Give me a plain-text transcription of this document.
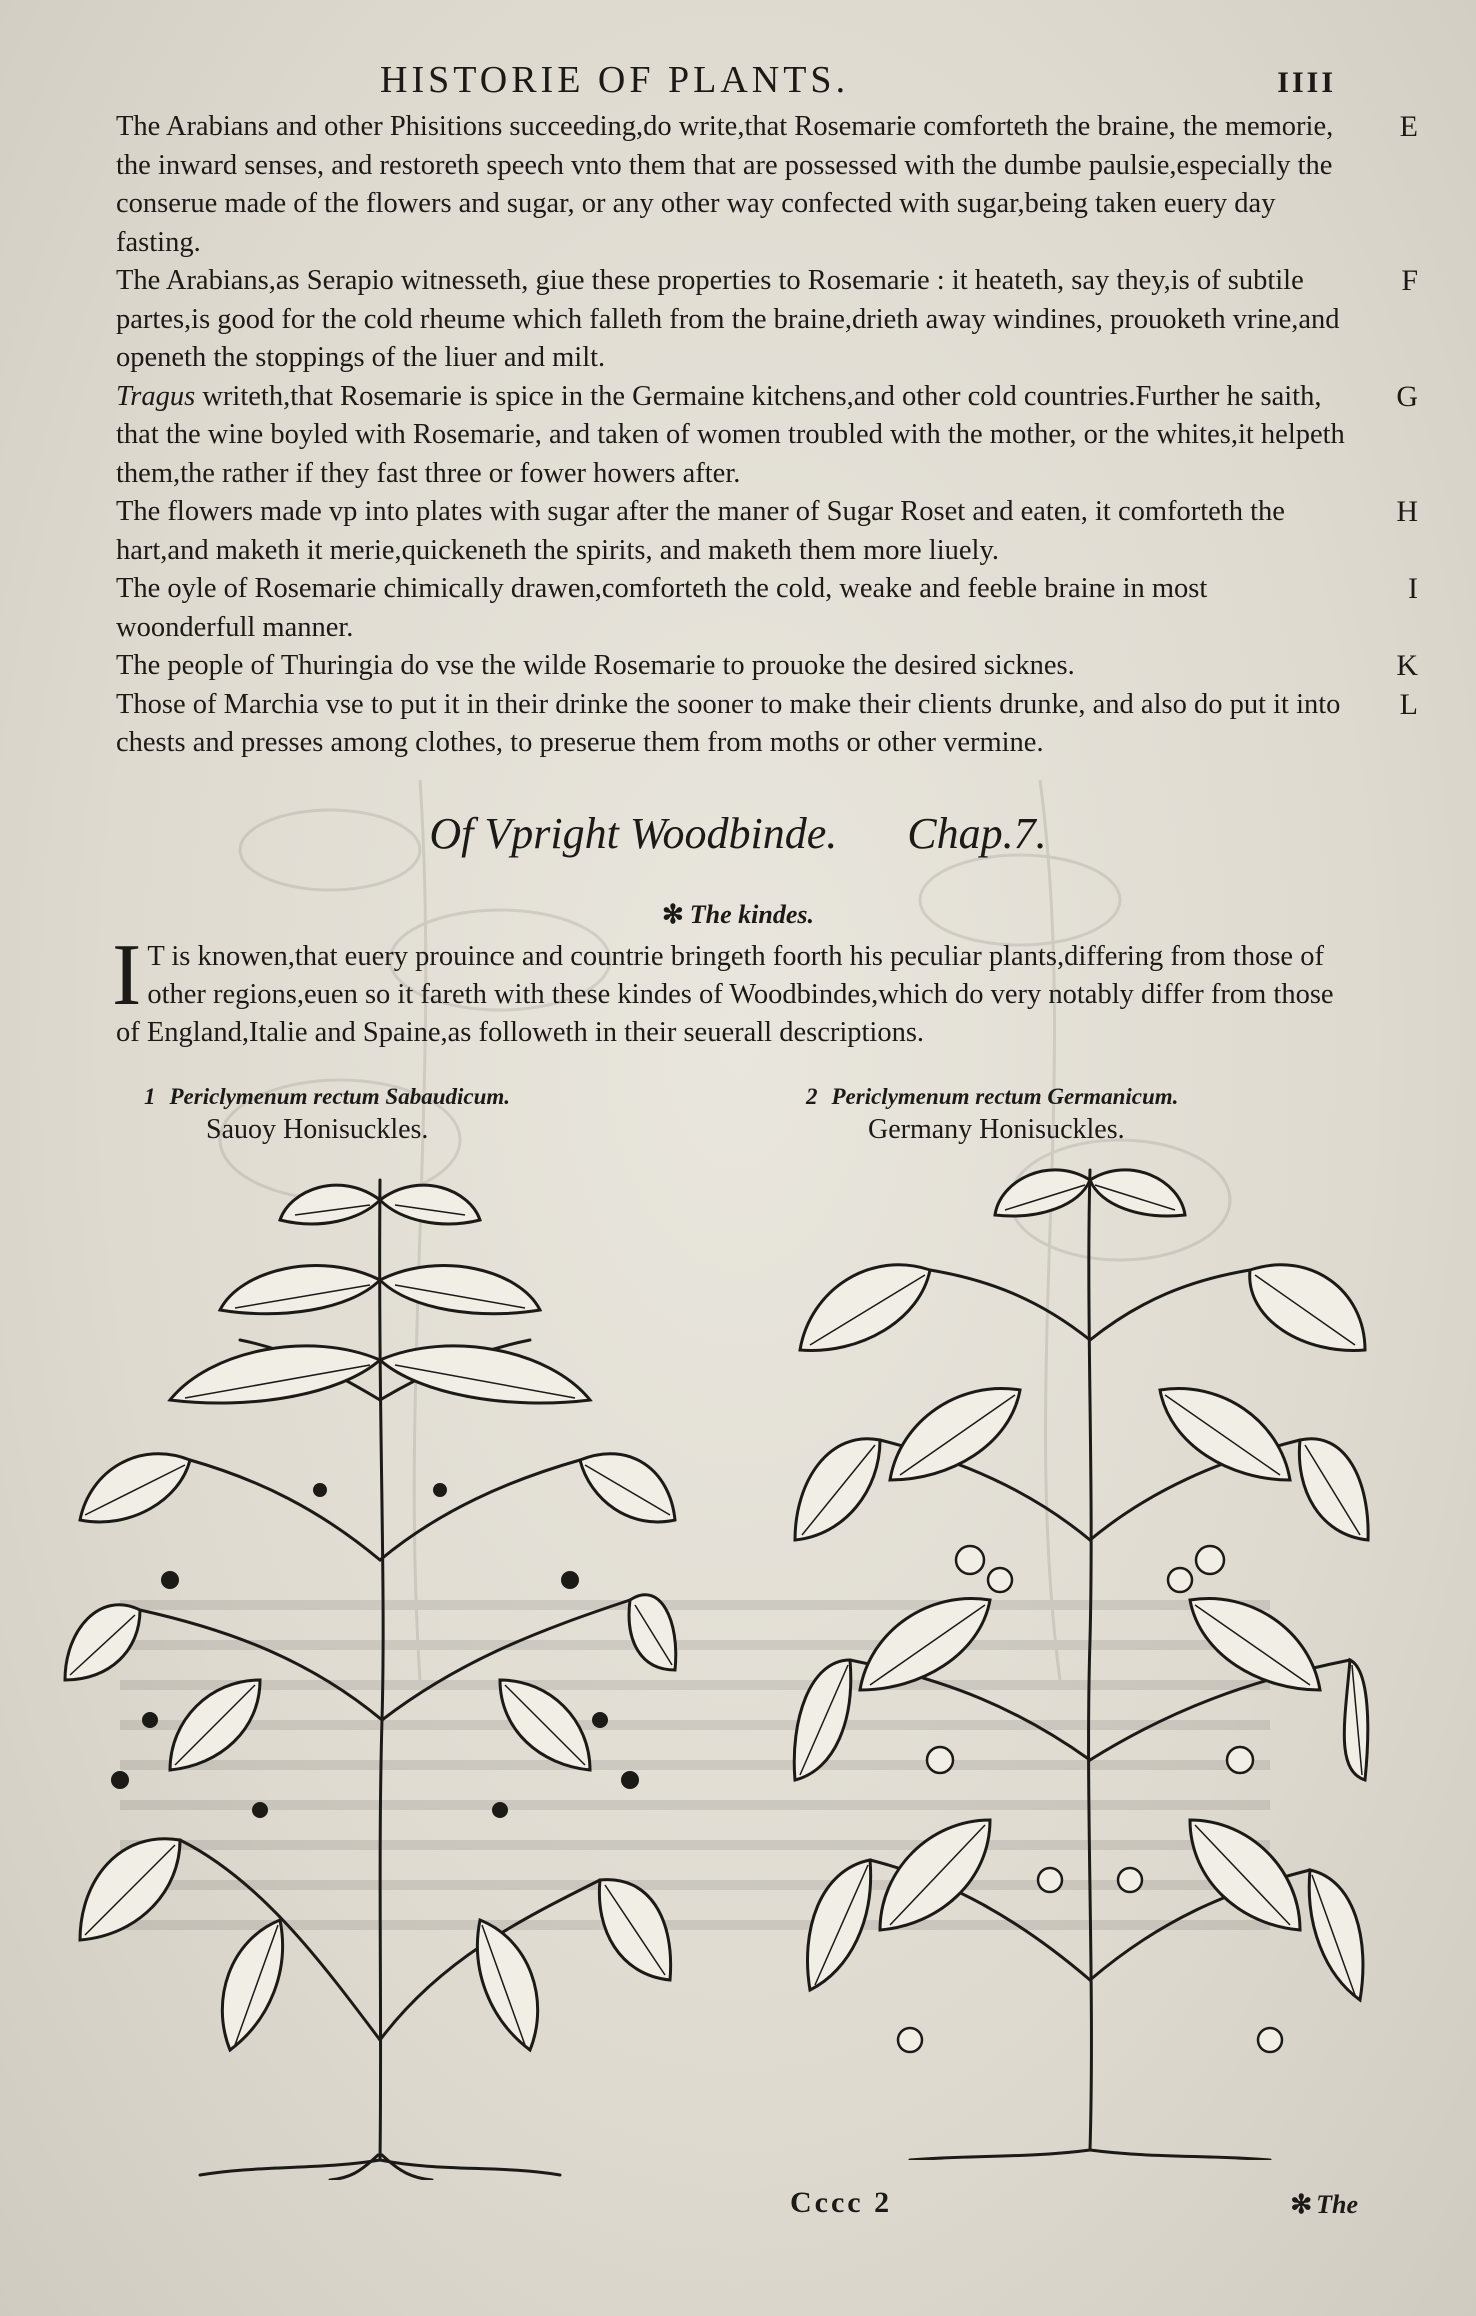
HISTORIE OF PLANTS.	IIII

The Arabians and other Phisitions succeeding,do write,that Rosemarie comforteth the braine, the memorie, the inward senses, and restoreth speech vnto them that are possessed with the dumbe paulsie,especially the conserue made of the flowers and sugar, or any other way confected with sugar,being taken euery day fasting.
E

The Arabians,as Serapio witnesseth, giue these properties to Rosemarie : it heateth, say they,is of subtile partes,is good for the cold rheume which falleth from the braine,drieth away windines, prouoketh vrine,and openeth the stoppings of the liuer and milt.
F

Tragus writeth,that Rosemarie is spice in the Germaine kitchens,and other cold countries.Further he saith, that the wine boyled with Rosemarie, and taken of women troubled with the mother, or the whites,it helpeth them,the rather if they fast three or fower howers after.
G

The flowers made vp into plates with sugar after the maner of Sugar Roset and eaten, it comforteth the hart,and maketh it merie,quickeneth the spirits, and maketh them more liuely.
H

The oyle of Rosemarie chimically drawen,comforteth the cold, weake and feeble braine in most woonderfull manner.
I

The people of Thuringia do vse the wilde Rosemarie to prouoke the desired sicknes.	K

Those of Marchia vse to put it in their drinke the sooner to make their clients drunke, and also do put it into chests and presses among clothes, to preserue them from moths or other vermine.
L

Of Vpright Woodbinde. Chap.7.
✻ The kindes.
I T is knowen,that euery prouince and countrie bringeth foorth his peculiar plants,differing from those of other regions,euen so it fareth with these kindes of Woodbindes,which do very notably differ from those of England,Italie and Spaine,as followeth in their seuerall descriptions.
1 Periclymenum rectum Sabaudicum.
Sauoy Honisuckles.
2 Periclymenum rectum Germanicum.
Germany Honisuckles.
Cccc 2	✻ The
